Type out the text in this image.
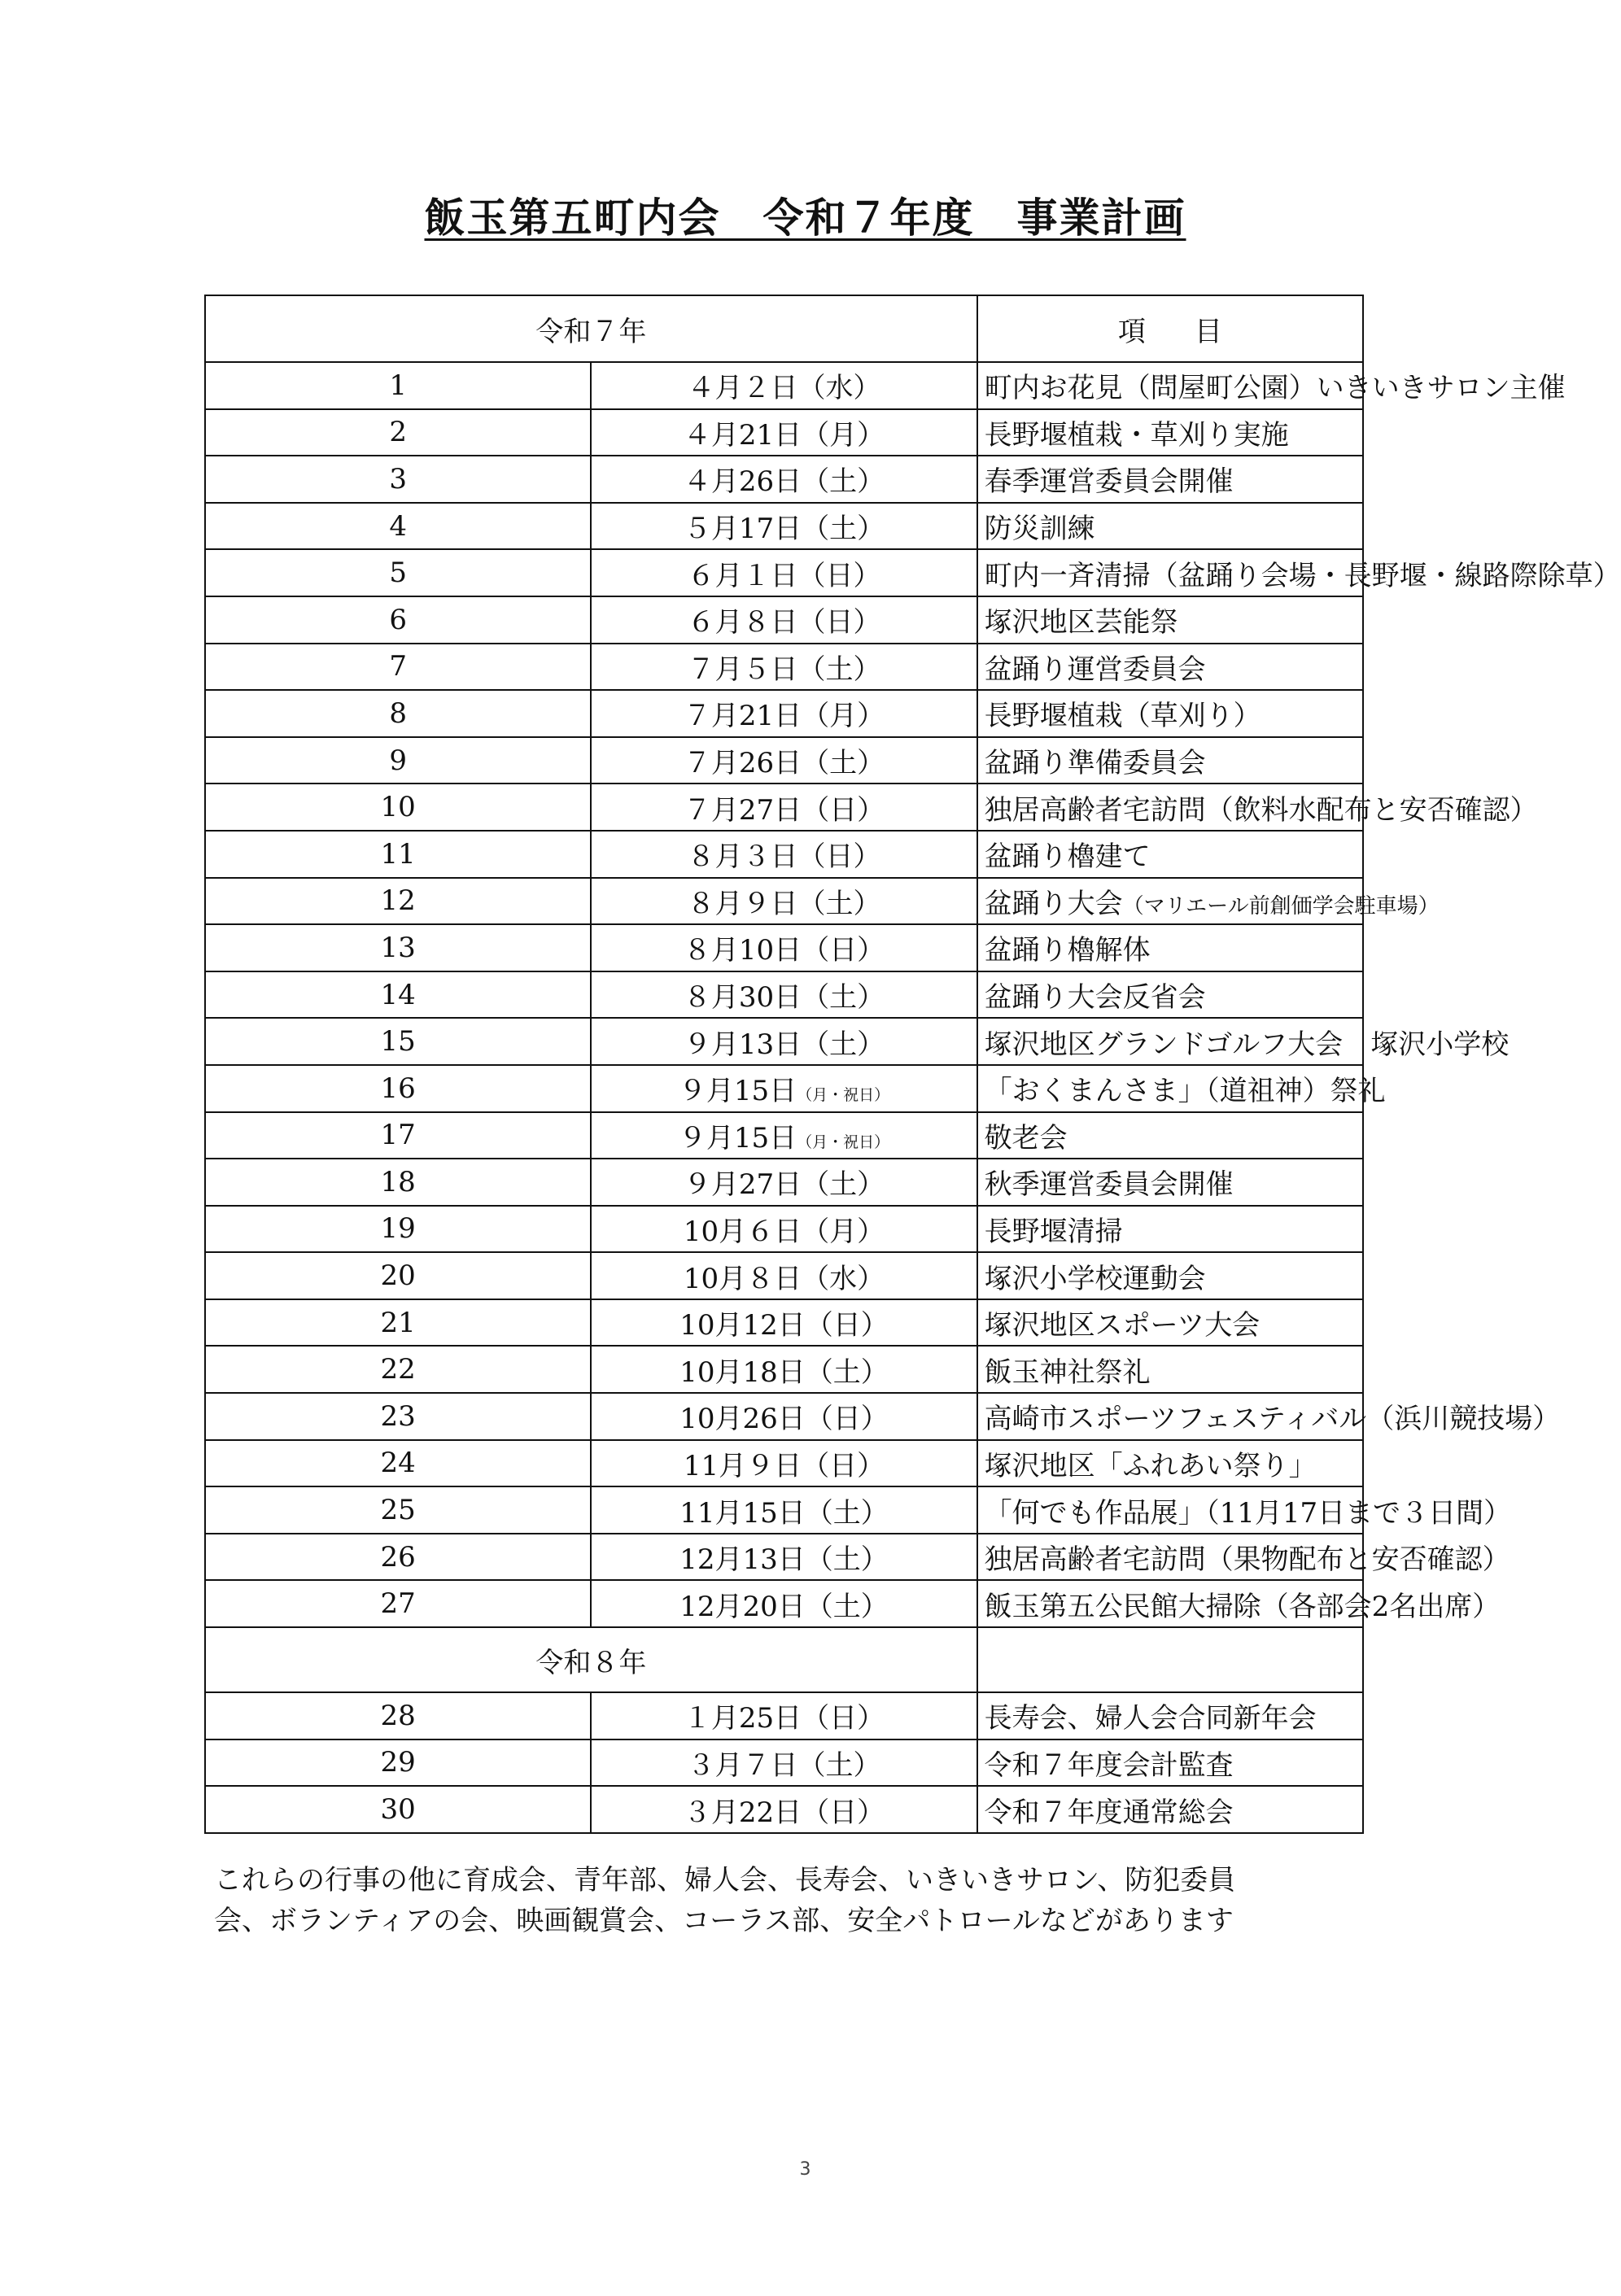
飯玉第五町内会　令和７年度　事業計画
令和７年		項目
1	４月２日（水）	町内お花見（問屋町公園）いきいきサロン主催
2	４月21日（月）	長野堰植栽・草刈り実施
3	４月26日（土）	春季運営委員会開催
4	５月17日（土）	防災訓練
5	６月１日（日）	町内一斉清掃（盆踊り会場・長野堰・線路際除草）
6	６月８日（日）	塚沢地区芸能祭
7	７月５日（土）	盆踊り運営委員会
8	７月21日（月）	長野堰植栽（草刈り）
9	７月26日（土）	盆踊り準備委員会
10	７月27日（日）	独居高齢者宅訪問（飲料水配布と安否確認）
11	８月３日（日）	盆踊り櫓建て
12	８月９日（土）	盆踊り大会（マリエール前創価学会駐車場）
13	８月10日（日）	盆踊り櫓解体
14	８月30日（土）	盆踊り大会反省会
15	９月13日（土）	塚沢地区グランドゴルフ大会　塚沢小学校
16	９月15日（月・祝日）	「おくまんさま」（道祖神）祭礼
17	９月15日（月・祝日）	敬老会
18	９月27日（土）	秋季運営委員会開催
19	10月６日（月）	長野堰清掃
20	10月８日（水）	塚沢小学校運動会
21	10月12日（日）	塚沢地区スポーツ大会
22	10月18日（土）	飯玉神社祭礼
23	10月26日（日）	高崎市スポーツフェスティバル（浜川競技場）
24	11月９日（日）	塚沢地区「ふれあい祭り」
25	11月15日（土）	「何でも作品展」（11月17日まで３日間）
26	12月13日（土）	独居高齢者宅訪問（果物配布と安否確認）
27	12月20日（土）	飯玉第五公民館大掃除（各部会2名出席）
令和８年		
28	１月25日（日）	長寿会、婦人会合同新年会
29	３月７日（土）	令和７年度会計監査
30	３月22日（日）	令和７年度通常総会
これらの行事の他に育成会、青年部、婦人会、長寿会、いきいきサロン、防犯委員
会、ボランティアの会、映画観賞会、コーラス部、安全パトロールなどがあります
3
